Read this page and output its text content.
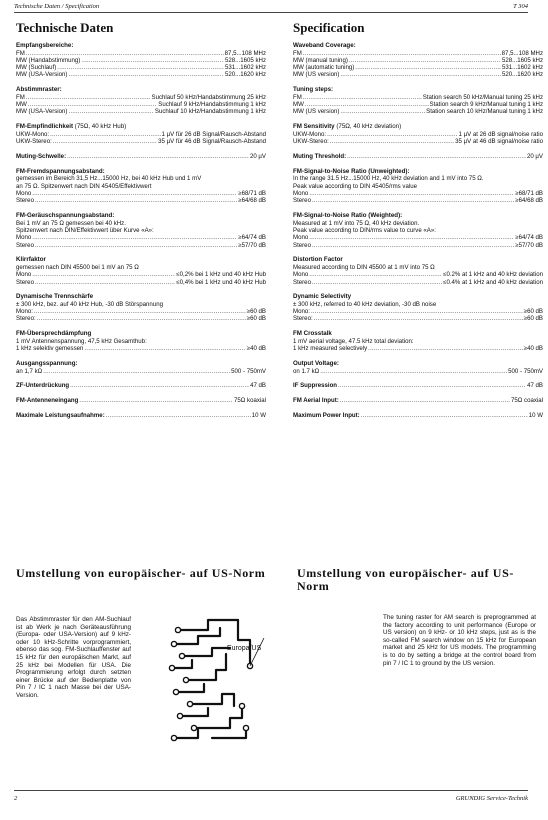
Technische Daten / Specification	T 304
Technische Daten
Empfangsbereiche:
FM .....	87,5...108 MHz
MW (Handabstimmung) .....	528...1605 kHz
MW (Suchlauf) .....	531...1602 kHz
MW (USA-Version) .....	520...1620 kHz
Abstimmraster:
FM .....	Suchlauf 50 kHz/Handabstimmung 25 kHz
MW .....	Suchlauf 9 kHz/Handabstimmung 1 kHz
MW (USA-Version) .....	Suchlauf 10 kHz/Handabstimmung 1 kHz
FM-Empfindlichkeit (75Ω, 40 kHz Hub)
UKW-Mono: .....	1 µV für 26 dB Signal/Rausch-Abstand
UKW-Stereo: .....	35 µV für 46 dB Signal/Rausch-Abstand
Muting-Schwelle: .....	20 µV
FM-Fremdspannungsabstand:
gemessen im Bereich 31,5 Hz...15000 Hz, bei 40 kHz Hub und 1 mV
an 75 Ω. Spitzenwert nach DIN 45405/Effektivwert
Mono .....	≥68/71 dB
Stereo .....	≥64/68 dB
FM-Geräuschspannungsabstand:
Bei 1 mV an 75 Ω gemessen bei 40 kHz.
Spitzenwert nach DIN/Effektivwert über Kurve «A»:
Mono .....	≥64/74 dB
Stereo .....	≥57/70 dB
Klirrfaktor
gemessen nach DIN 45500 bei 1 mV an 75 Ω
Mono .....	≤0,2% bei 1 kHz und 40 kHz Hub
Stereo .....	≤0,4% bei 1 kHz und 40 kHz Hub
Dynamische Trennschärfe
± 300 kHz, bez. auf 40 kHz Hub, -30 dB Störspannung
Mono: .....	≥60 dB
Stereo: .....	≥60 dB
FM-Übersprechdämpfung
1 mV Antennenspannung, 47,5 kHz Gesamthub:
1 kHz selektiv gemessen .....	≥40 dB
Ausgangsspannung:
an 1,7 kΩ .....	500 - 750mV
ZF-Unterdrückung .....	47 dB
FM-Antenneneingang .....	75Ω koaxial
Maximale Leistungsaufnahme: .....	10 W
Specification
Waveband Coverage:
FM .....	87,5...108 MHz
MW (manual tuning) .....	528...1605 kHz
MW (automatic tuning) .....	531...1602 kHz
MW (US version) .....	520...1620 kHz
Tuning steps:
FM .....	Station search 50 kHz/Manual tuning 25 kHz
MW .....	Station search 9 kHz/Manual tuning 1 kHz
MW (US version) .....	Station search 10 kHz/Manual tuning 1 kHz
FM Sensitivity (75Ω, 40 kHz deviation)
UKW-Mono: .....	1 µV at 26 dB signal/noise ratio
UKW-Stereo: .....	35 µV at 46 dB signal/noise ratio
Muting Threshold: .....	20 µV
FM-Signal-to-Noise Ratio (Unweighted):
In the range 31.5 Hz...15000 Hz, 40 kHz deviation and 1 mV into 75 Ω.
Peak value according to DIN 45405/rms value
Mono .....	≥68/71 dB
Stereo .....	≥64/68 dB
FM-Signal-to-Noise Ratio (Weighted):
Measured at 1 mV into 75 Ω, 40 kHz deviation.
Peak value according to DIN/rms value to curve «A»:
Mono .....	≥64/74 dB
Stereo .....	≥57/70 dB
Distortion Factor
Measured according to DIN 45500 at 1 mV into 75 Ω
Mono .....	≤0.2% at 1 kHz and 40 kHz deviation
Stereo .....	≤0.4% at 1 kHz and 40 kHz deviation
Dynamic Selectivity
± 300 kHz, referred to 40 kHz deviation, -30 dB noise
Mono: .....	≥60 dB
Stereo: .....	≥60 dB
FM Crosstalk
1 mV aerial voltage, 47.5 kHz total deviation:
1 kHz measured selectively .....	≥40 dB
Output Voltage:
on 1.7 kΩ .....	500 - 750mV
IF Suppression .....	47 dB
FM Aerial Input: .....	75Ω coaxial
Maximum Power Input: .....	10 W
Umstellung von europäischer- auf US-Norm	Umstellung von europäischer- auf US-Norm
Das Abstimmraster für den AM-Suchlauf ist ab Werk je nach Geräteausführung (Europa- oder USA-Version) auf 9 kHz- oder 10 kHz-Schritte vorprogrammiert, ebenso das sog. FM-Suchlauffenster auf 15 kHz für den europäischen Markt, auf 25 kHz bei Modellen für USA. Die Programmierung erfolgt durch setzten einer Brücke auf der Bedienplatte von Pin 7 / IC 1 nach Masse bei der USA-Version.
Europa/US
The tuning raster for AM search is preprogrammed at the factory according to unit performance (Europe or US version) on 9 kHz- or 10 kHz steps, just as is the so-called FM search window on 15 kHz for European market and 25 kHz for US models. The programming is to do by setting a bridge at the control board from pin 7 / IC 1 to ground by the US version.
2	GRUNDIG Service-Technik
